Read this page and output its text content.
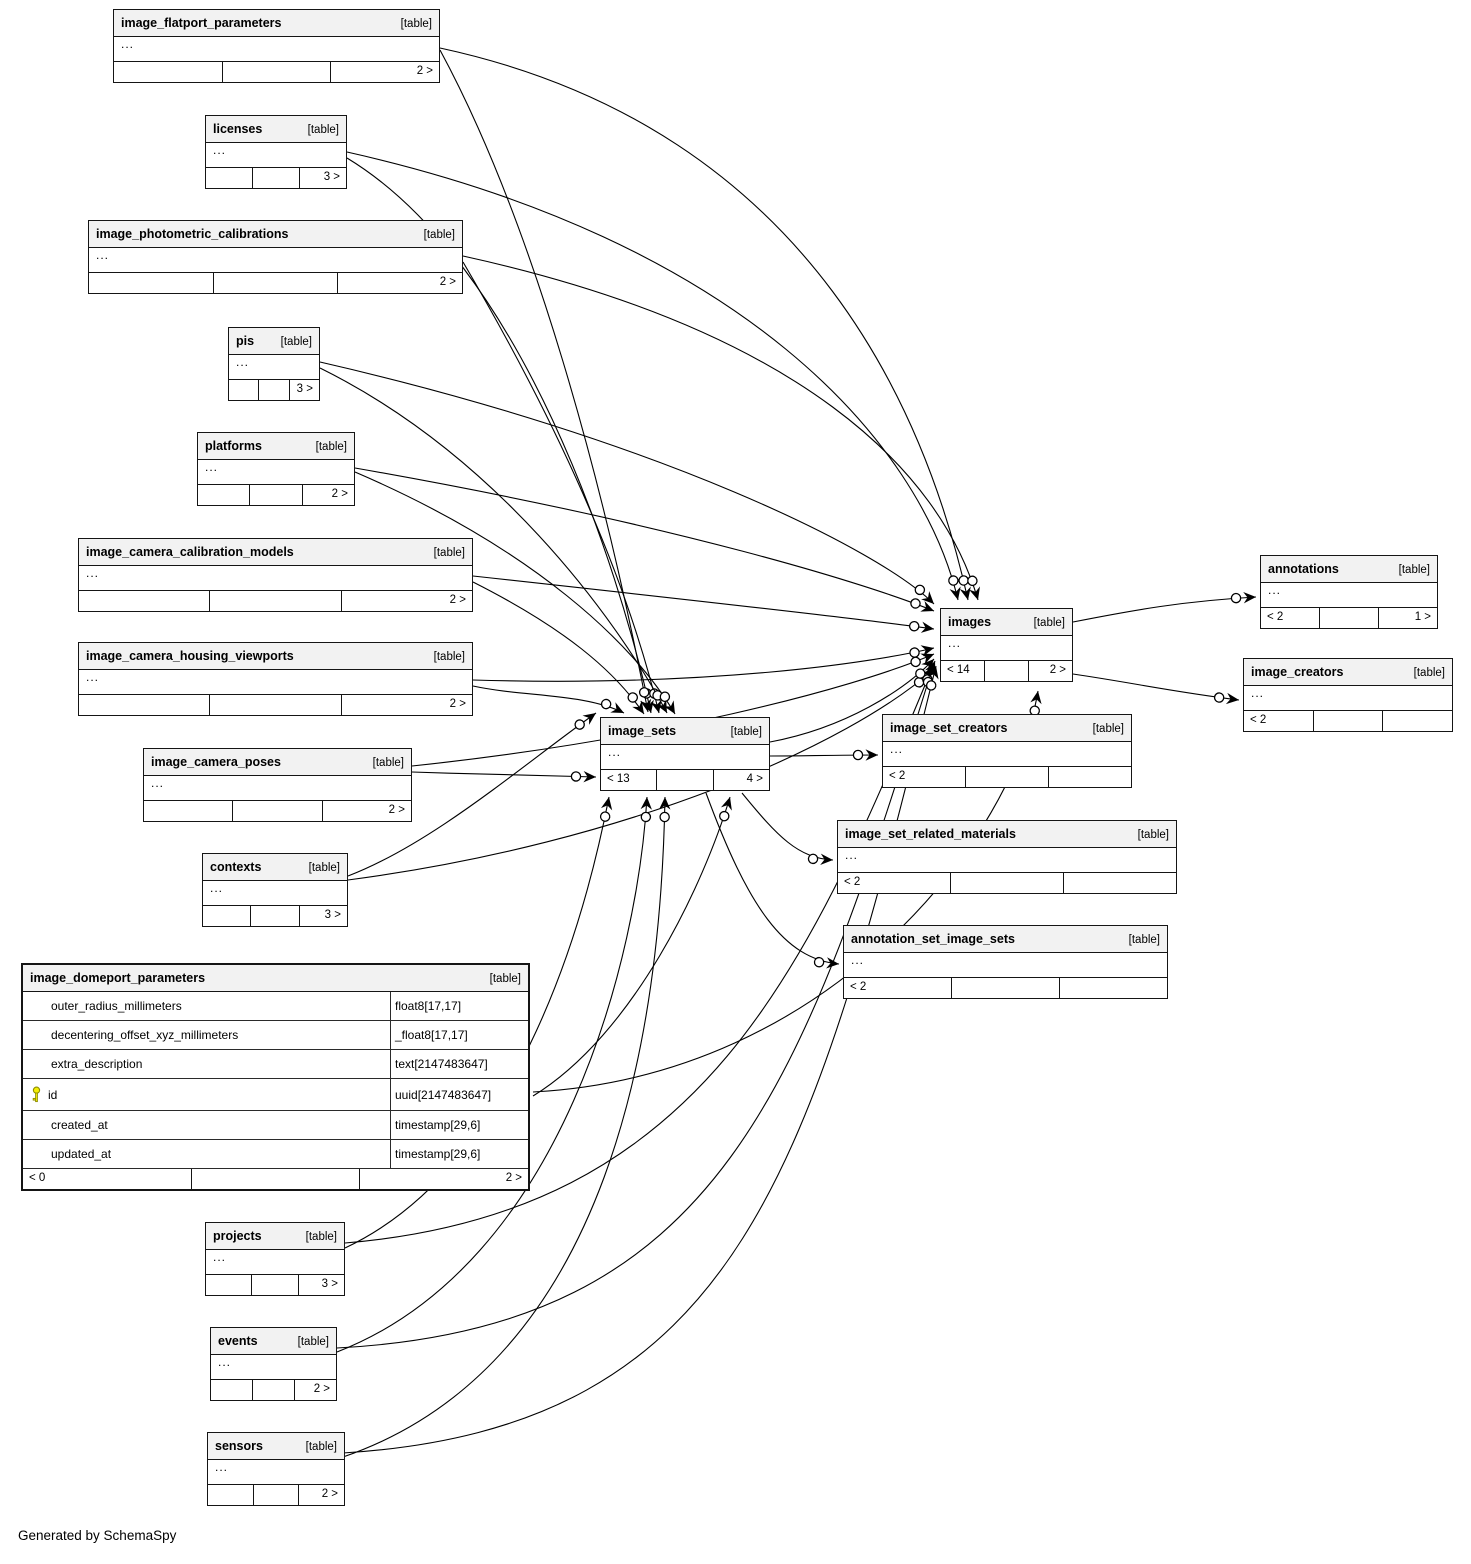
image_flatport_parameters	[table]
...
2 >
licenses	[table]
...
3 >
image_photometric_calibrations	[table]
...
2 >
pis [table]
...
3 >
platforms	[table]
...
2 >
image_camera_calibration_models	[table]
...
2 >
image_camera_housing_viewports	[table]
...
2 >
image_camera_poses	[table]
...
2 >
contexts	[table]
...
3 >
image_domeport_parameters	[table]
outer_radius_millimeters	float8[17,17]
decentering_offset_xyz_millimeters	_float8[17,17]
extra_description	text[2147483647]
id	uuid[2147483647]
created_at	timestamp[29,6]
updated_at	timestamp[29,6]
< 0	2 >
projects	[table]
...
3 >
events	[table]
...
2 >
sensors	[table]
...
2 >
image_sets	[table]
...
< 13	4 >
images	[table]
...
< 14	2 >
image_set_creators	[table]
...
< 2
image_set_related_materials	[table]
...
< 2
annotation_set_image_sets	[table]
...
< 2
annotations	[table]
...
< 2	1 >
image_creators	[table]
...
< 2
Generated by SchemaSpy
